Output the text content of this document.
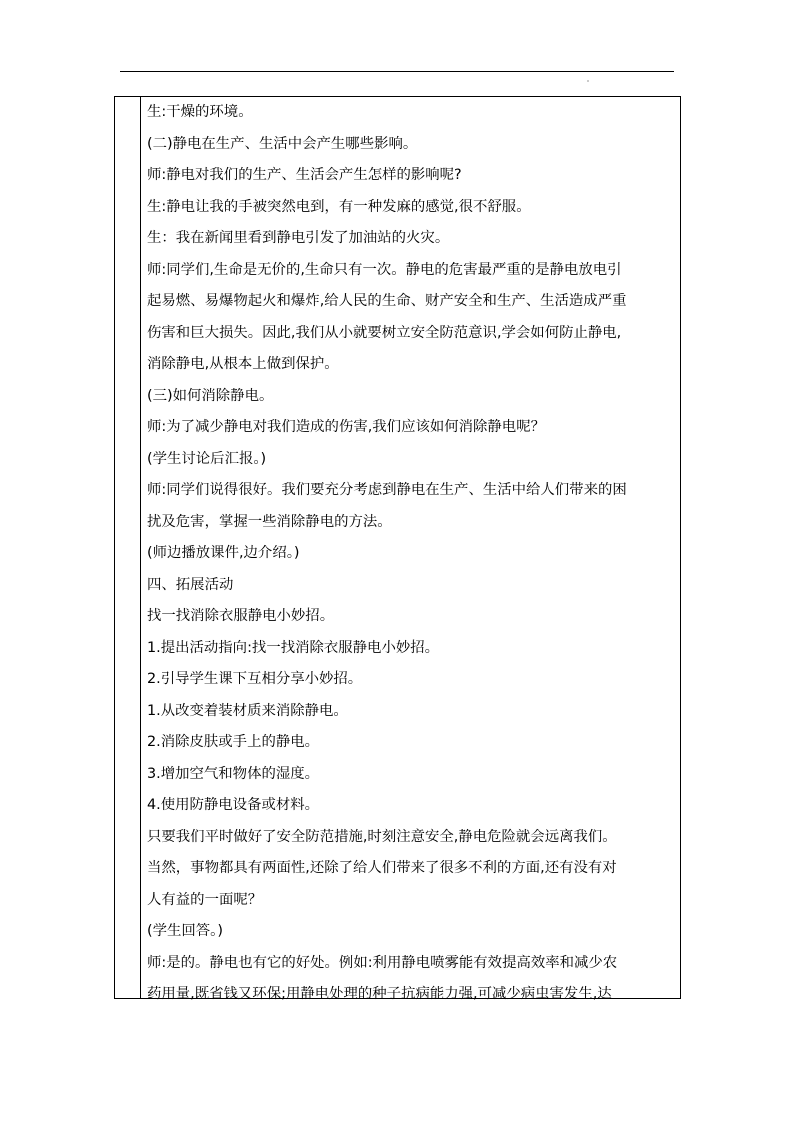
生:干燥的环境。
(二)静电在生产、生活中会产生哪些影响。
师:静电对我们的生产、生活会产生怎样的影响呢?
生:静电让我的手被突然电到，有一种发麻的感觉,很不舒服。
生：我在新闻里看到静电引发了加油站的火灾。
师:同学们,生命是无价的,生命只有一次。静电的危害最严重的是静电放电引
起易燃、易爆物起火和爆炸,给人民的生命、财产安全和生产、生活造成严重
伤害和巨大损失。因此,我们从小就要树立安全防范意识,学会如何防止静电,
消除静电,从根本上做到保护。
(三)如何消除静电。
师:为了减少静电对我们造成的伤害,我们应该如何消除静电呢？
(学生讨论后汇报。)
师:同学们说得很好。我们要充分考虑到静电在生产、生活中给人们带来的困
扰及危害，掌握一些消除静电的方法。
(师边播放课件,边介绍。)
四、拓展活动
找一找消除衣服静电小妙招。
1.提出活动指向:找一找消除衣服静电小妙招。
2.引导学生课下互相分享小妙招。
1.从改变着装材质来消除静电。
2.消除皮肤或手上的静电。
3.增加空气和物体的湿度。
4.使用防静电设备或材料。
只要我们平时做好了安全防范措施,时刻注意安全,静电危险就会远离我们。
当然，事物都具有两面性,还除了给人们带来了很多不利的方面,还有没有对
人有益的一面呢？
(学生回答。)
师:是的。静电也有它的好处。例如:利用静电喷雾能有效提高效率和减少农
药用量,既省钱又环保;用静电处理的种子抗病能力强,可减少病虫害发生,达
